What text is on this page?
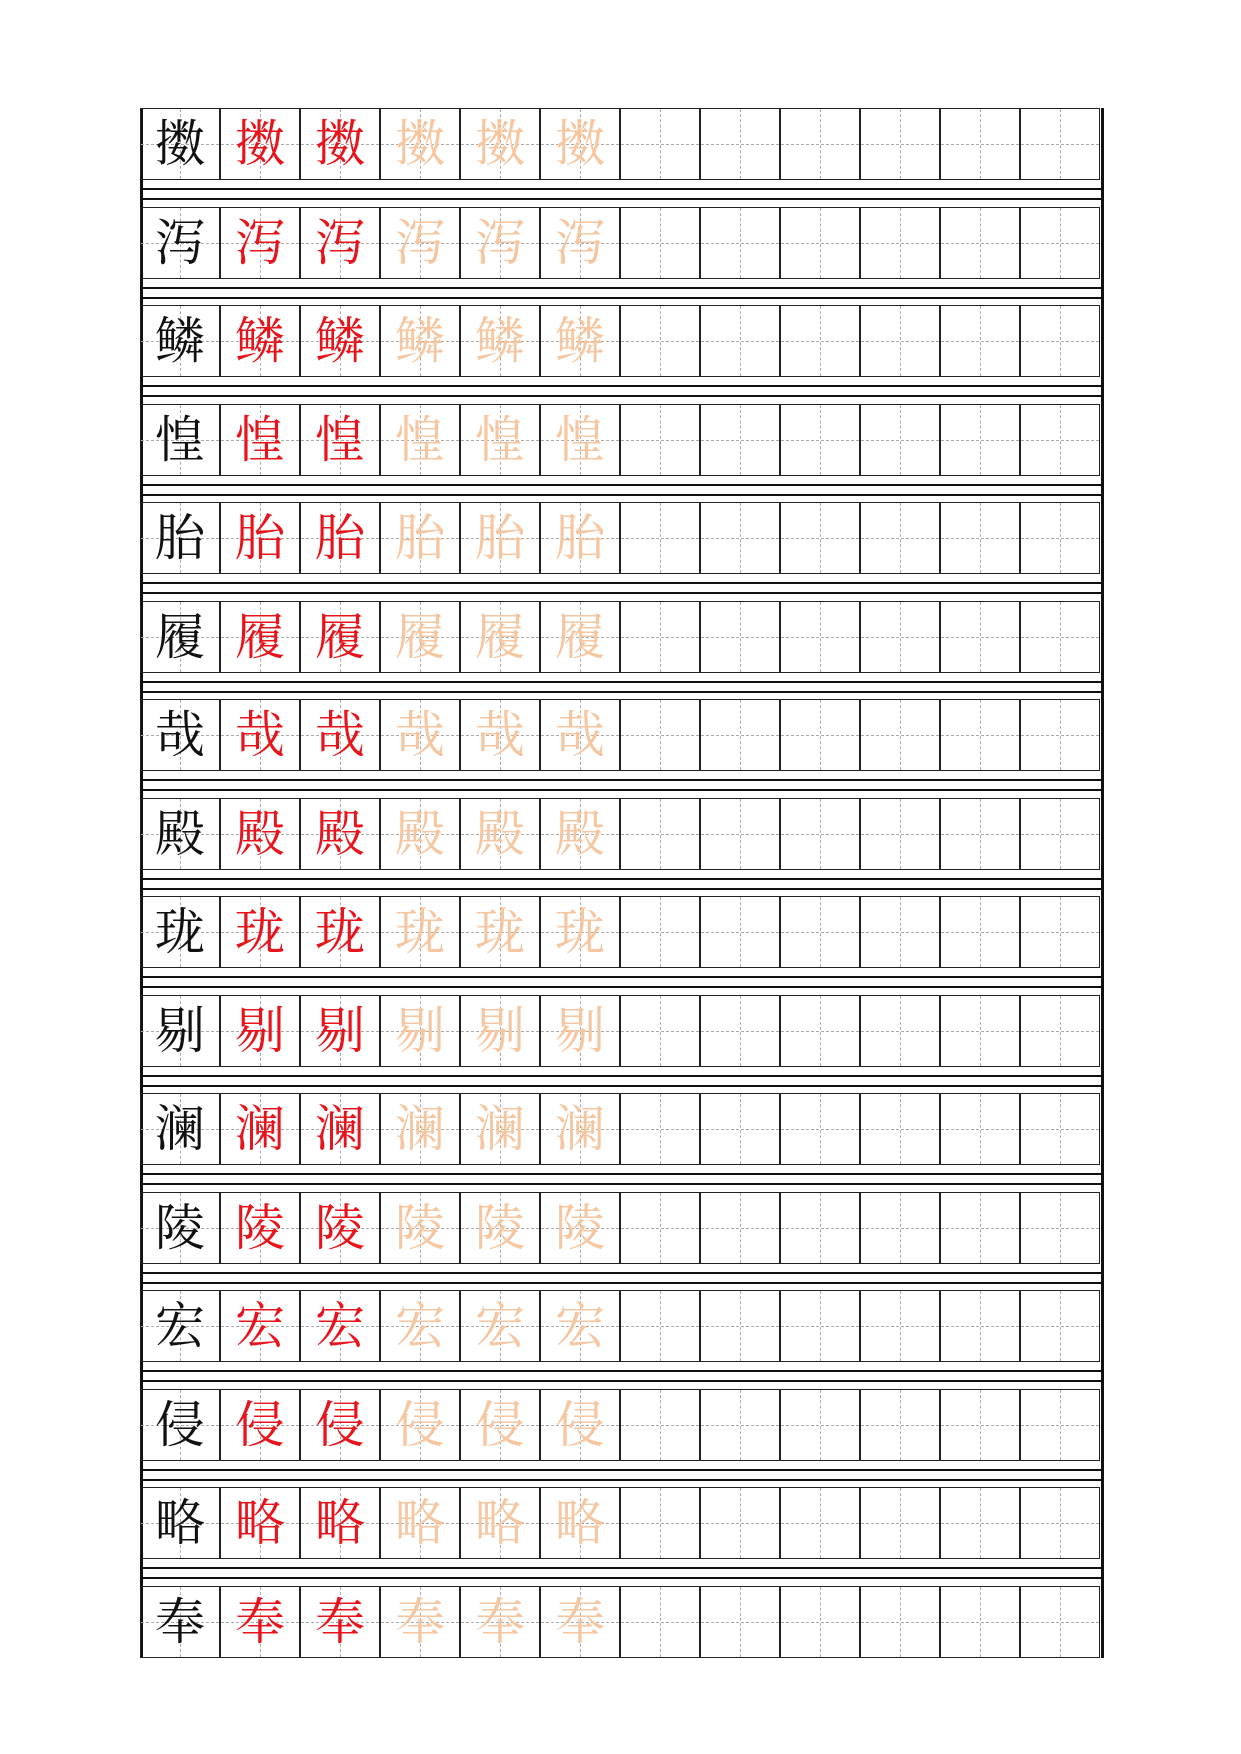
擞 擞 擞 擞 擞 擞
泻 泻 泻 泻 泻 泻
鳞 鳞 鳞 鳞 鳞 鳞
惶 惶 惶 惶 惶 惶
胎 胎 胎 胎 胎 胎
履 履 履 履 履 履
哉 哉 哉 哉 哉 哉
殿 殿 殿 殿 殿 殿
珑 珑 珑 珑 珑 珑
剔 剔 剔 剔 剔 剔
澜 澜 澜 澜 澜 澜
陵 陵 陵 陵 陵 陵
宏 宏 宏 宏 宏 宏
侵 侵 侵 侵 侵 侵
略 略 略 略 略 略
奉 奉 奉 奉 奉 奉
